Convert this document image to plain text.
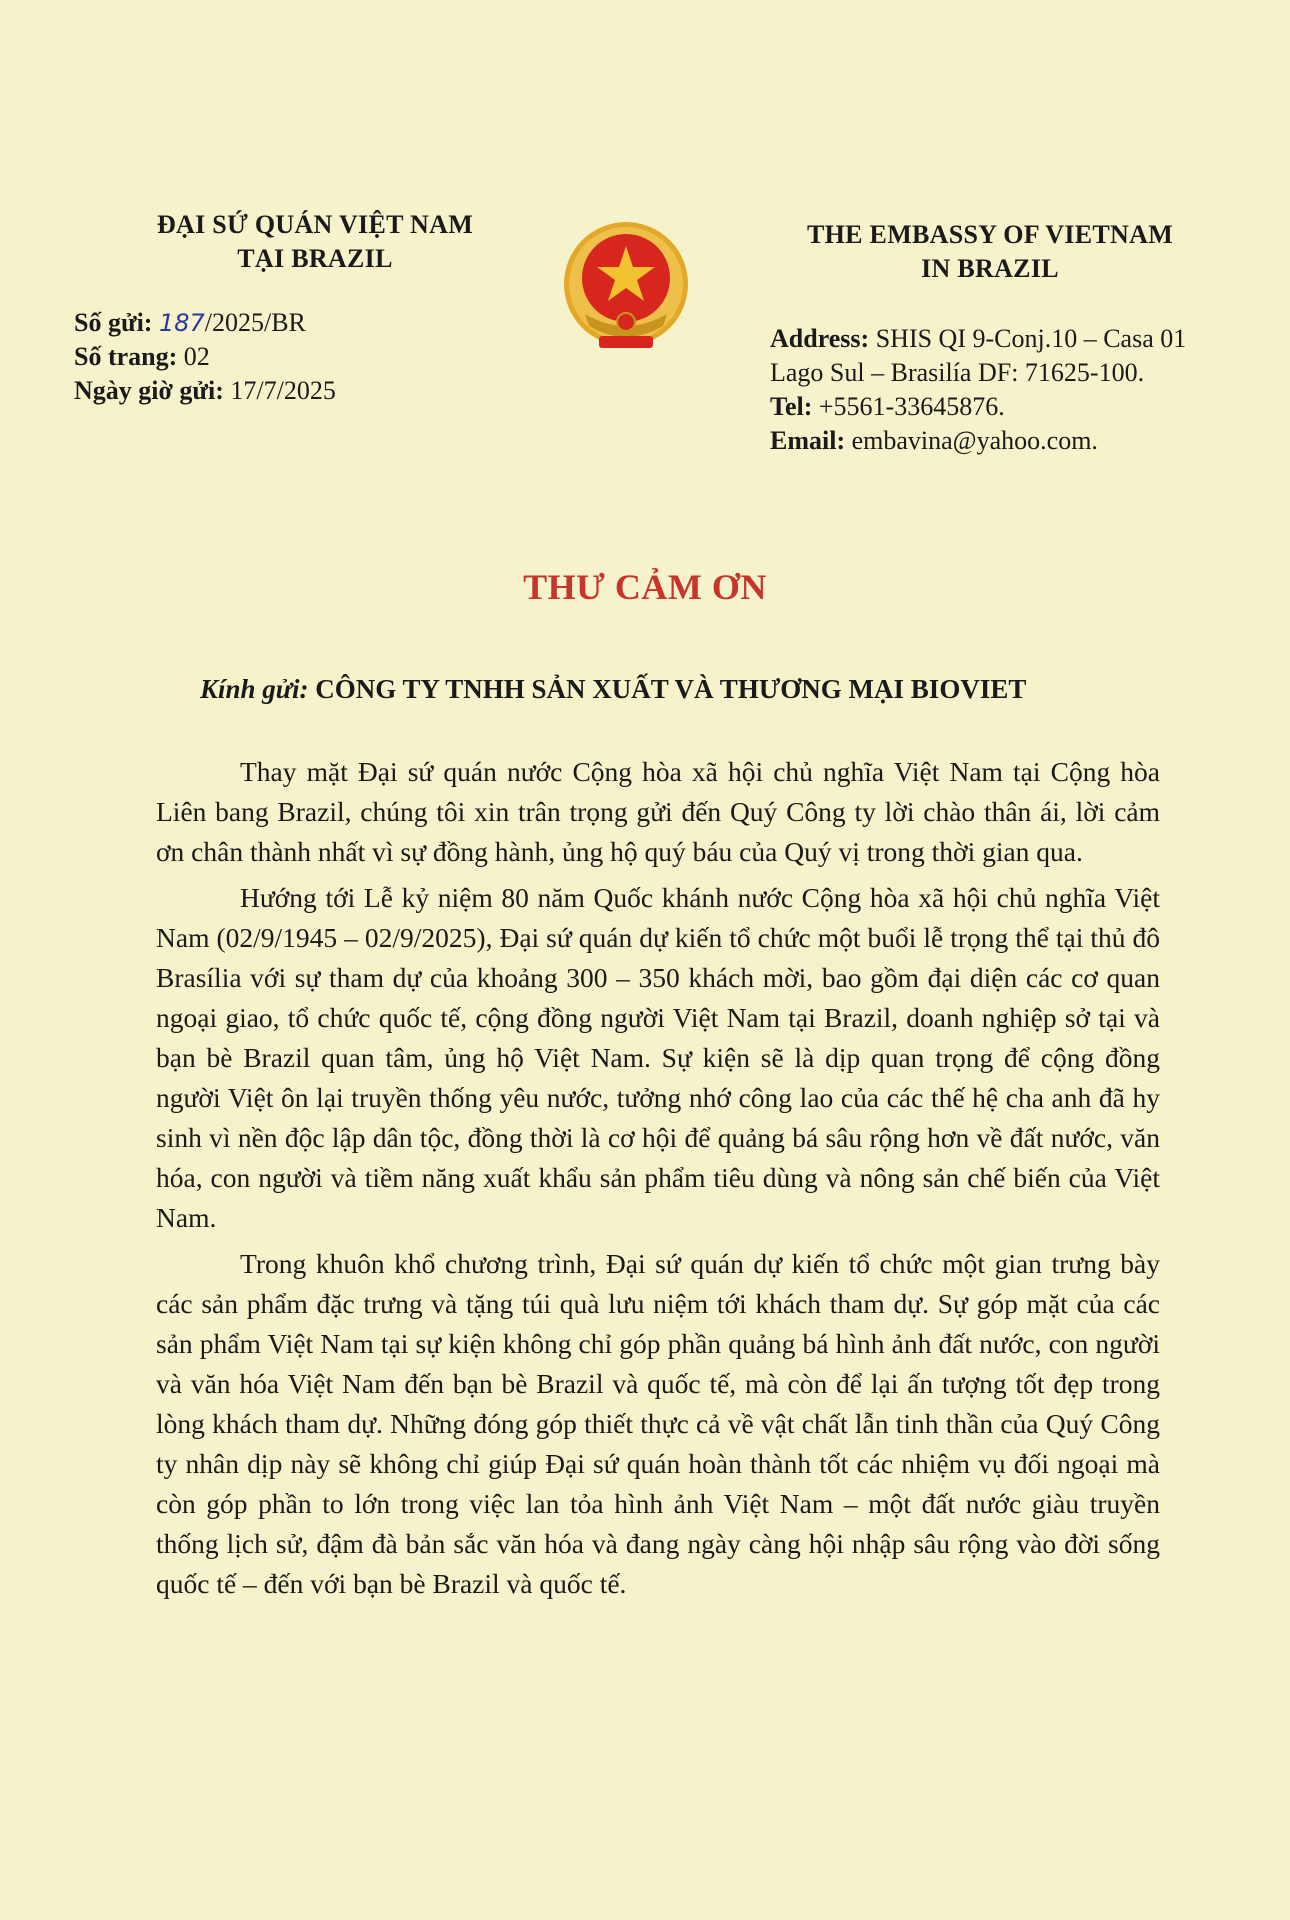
ĐẠI SỨ QUÁN VIỆT NAM
TẠI BRAZIL
Số gửi: 187/2025/BR
Số trang: 02
Ngày giờ gửi: 17/7/2025
THE EMBASSY OF VIETNAM
IN BRAZIL
Address: SHIS QI 9-Conj.10 – Casa 01
Lago Sul – Brasilía DF: 71625-100.
Tel: +5561-33645876.
Email: embavina@yahoo.com.
THƯ CẢM ƠN
Kính gửi: CÔNG TY TNHH SẢN XUẤT VÀ THƯƠNG MẠI BIOVIET

Thay mặt Đại sứ quán nước Cộng hòa xã hội chủ nghĩa Việt Nam tại Cộng hòa Liên bang Brazil, chúng tôi xin trân trọng gửi đến Quý Công ty lời chào thân ái, lời cảm ơn chân thành nhất vì sự đồng hành, ủng hộ quý báu của Quý vị trong thời gian qua.

Hướng tới Lễ kỷ niệm 80 năm Quốc khánh nước Cộng hòa xã hội chủ nghĩa Việt Nam (02/9/1945 – 02/9/2025), Đại sứ quán dự kiến tổ chức một buổi lễ trọng thể tại thủ đô Brasília với sự tham dự của khoảng 300 – 350 khách mời, bao gồm đại diện các cơ quan ngoại giao, tổ chức quốc tế, cộng đồng người Việt Nam tại Brazil, doanh nghiệp sở tại và bạn bè Brazil quan tâm, ủng hộ Việt Nam. Sự kiện sẽ là dịp quan trọng để cộng đồng người Việt ôn lại truyền thống yêu nước, tưởng nhớ công lao của các thế hệ cha anh đã hy sinh vì nền độc lập dân tộc, đồng thời là cơ hội để quảng bá sâu rộng hơn về đất nước, văn hóa, con người và tiềm năng xuất khẩu sản phẩm tiêu dùng và nông sản chế biến của Việt Nam.

Trong khuôn khổ chương trình, Đại sứ quán dự kiến tổ chức một gian trưng bày các sản phẩm đặc trưng và tặng túi quà lưu niệm tới khách tham dự. Sự góp mặt của các sản phẩm Việt Nam tại sự kiện không chỉ góp phần quảng bá hình ảnh đất nước, con người và văn hóa Việt Nam đến bạn bè Brazil và quốc tế, mà còn để lại ấn tượng tốt đẹp trong lòng khách tham dự. Những đóng góp thiết thực cả về vật chất lẫn tinh thần của Quý Công ty nhân dịp này sẽ không chỉ giúp Đại sứ quán hoàn thành tốt các nhiệm vụ đối ngoại mà còn góp phần to lớn trong việc lan tỏa hình ảnh Việt Nam – một đất nước giàu truyền thống lịch sử, đậm đà bản sắc văn hóa và đang ngày càng hội nhập sâu rộng vào đời sống quốc tế – đến với bạn bè Brazil và quốc tế.
